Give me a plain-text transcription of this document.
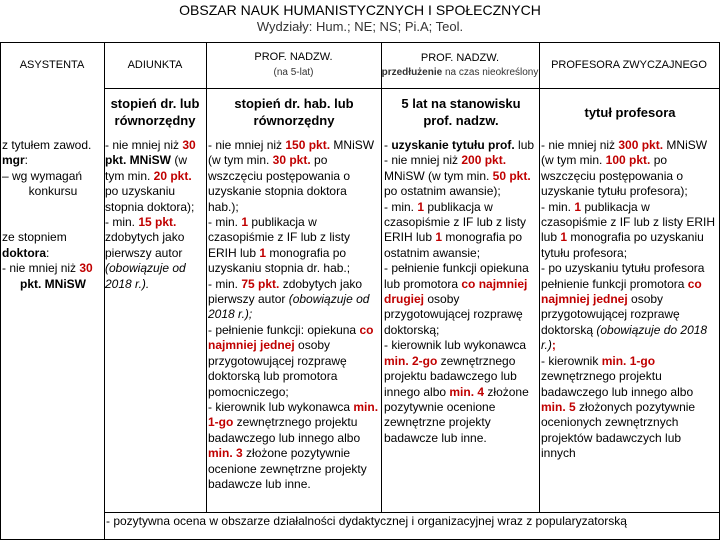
OBSZAR NAUK HUMANISTYCZNYCH I SPOŁECZNYCH
Wydziały: Hum.; NE; NS; Pi.A; Teol.
ASYSTENTA	ADIUNKTA
PROF. NADZW.
(na 5-lat)
PROF. NADZW.
przedłużenie na czas nieokreślony
PROFESORA ZWYCZAJNEGO
stopień dr. lub równorzędny
stopień dr. hab. lub równorzędny
5 lat na stanowisku prof. nadzw.
tytuł profesora

z tytułem zawod.

mgr:

– wg wymagań

konkursu

ze stopniem

doktora:

- nie mniej niż 30

pkt. MNiSW

- nie mniej niż 30 pkt. MNiSW (w tym min. 20 pkt. po uzyskaniu stopnia doktora);

- min. 15 pkt. zdobytych jako pierwszy autor (obowiązuje od 2018 r.).

- nie mniej niż 150 pkt. MNiSW (w tym min. 30 pkt. po wszczęciu postępowania o uzyskanie stopnia doktora hab.);

- min. 1 publikacja w czasopiśmie z IF lub z listy ERIH lub 1 monografia po uzyskaniu stopnia dr. hab.;

- min. 75 pkt. zdobytych jako pierwszy autor (obowiązuje od 2018 r.);

- pełnienie funkcji: opiekuna co najmniej jednej osoby przygotowującej rozprawę doktorską lub promotora pomocniczego;

- kierownik lub wykonawca min. 1-go zewnętrznego projektu badawczego lub innego albo min. 3 złożone pozytywnie ocenione zewnętrzne projekty badawcze lub inne.

- uzyskanie tytułu prof. lub

- nie mniej niż 200 pkt. MNiSW (w tym min. 50 pkt. po ostatnim awansie);

- min. 1 publikacja w czasopiśmie z IF lub z listy ERIH lub 1 monografia po ostatnim awansie;

- pełnienie funkcji opiekuna lub promotora co najmniej drugiej osoby przygotowującej rozprawę doktorską;

- kierownik lub wykonawca min. 2-go zewnętrznego projektu badawczego lub innego albo min. 4 złożone pozytywnie ocenione zewnętrzne projekty badawcze lub inne.

- nie mniej niż 300 pkt. MNiSW (w tym min. 100 pkt. po wszczęciu postępowania o uzyskanie tytułu profesora);

- min. 1 publikacja w czasopiśmie z IF lub z listy ERIH lub 1 monografia po uzyskaniu tytułu profesora;

- po uzyskaniu tytułu profesora pełnienie funkcji promotora co najmniej jednej osoby przygotowującej rozprawę doktorską (obowiązuje do 2018 r.);

- kierownik min. 1-go zewnętrznego projektu badawczego lub innego albo min. 5 złożonych pozytywnie ocenionych zewnętrznych projektów badawczych lub innych

- pozytywna ocena w obszarze działalności dydaktycznej i organizacyjnej wraz z popularyzatorską
